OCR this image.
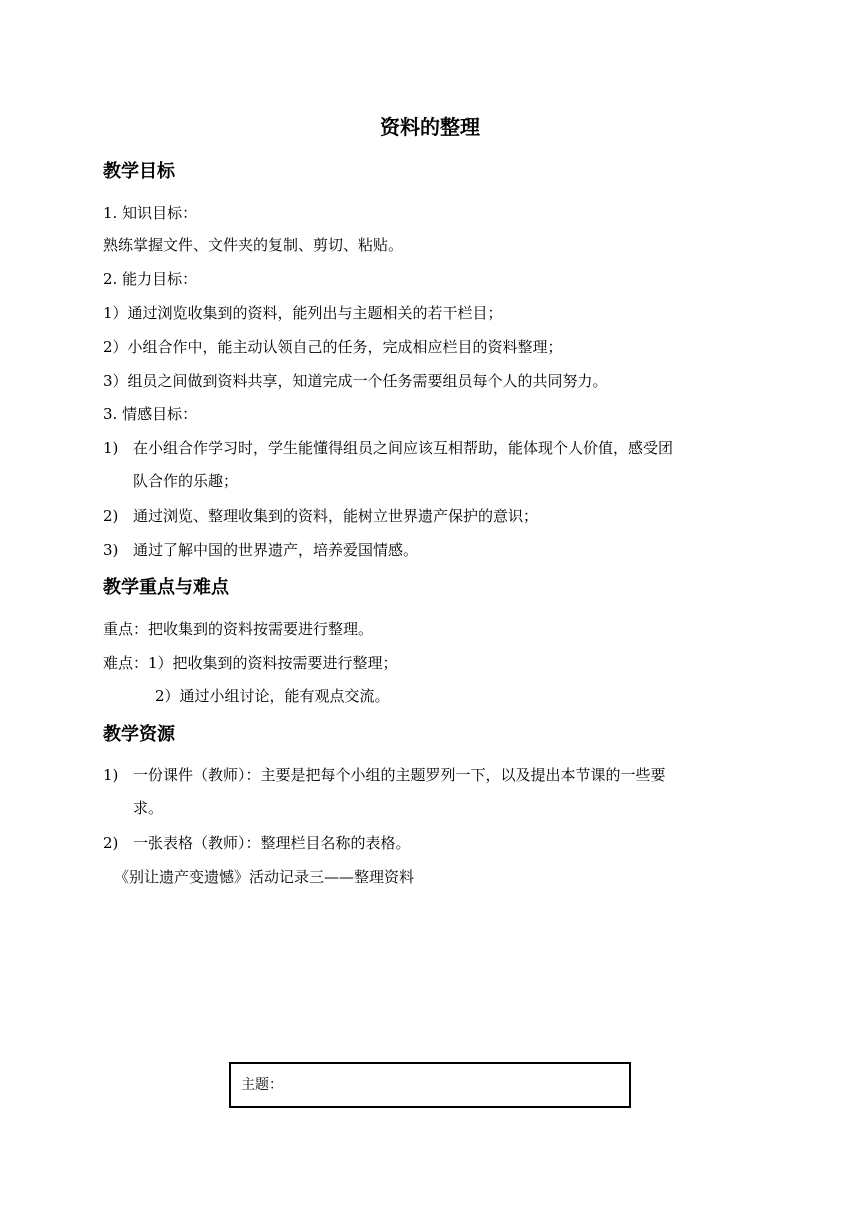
资料的整理
教学目标
1. 知识目标：
熟练掌握文件、文件夹的复制、剪切、粘贴。
2. 能力目标：
1）通过浏览收集到的资料，能列出与主题相关的若干栏目；
2）小组合作中，能主动认领自己的任务，完成相应栏目的资料整理；
3）组员之间做到资料共享，知道完成一个任务需要组员每个人的共同努力。
3. 情感目标：
1) 在小组合作学习时，学生能懂得组员之间应该互相帮助，能体现个人价值，感受团
队合作的乐趣；
2) 通过浏览、整理收集到的资料，能树立世界遗产保护的意识；
3) 通过了解中国的世界遗产，培养爱国情感。
教学重点与难点
重点：把收集到的资料按需要进行整理。
难点：1）把收集到的资料按需要进行整理；
2）通过小组讨论，能有观点交流。
教学资源
1) 一份课件（教师）：主要是把每个小组的主题罗列一下，以及提出本节课的一些要
求。
2) 一张表格（教师）：整理栏目名称的表格。
《别让遗产变遗憾》活动记录三——整理资料
主题：
